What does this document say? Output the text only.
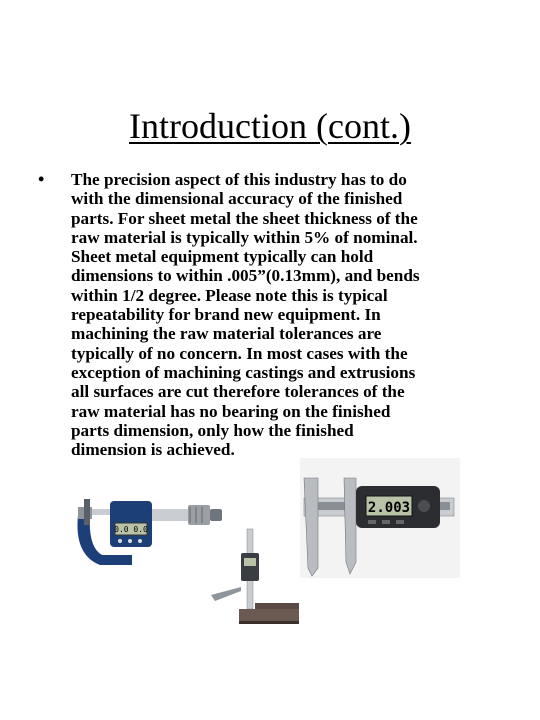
Introduction (cont.)
• The precision aspect of this industry has to do
with the dimensional accuracy of the finished
parts. For sheet metal the sheet thickness of the
raw material is typically within 5% of nominal.
Sheet metal equipment typically can hold
dimensions to within .005”(0.13mm), and bends
within 1/2 degree. Please note this is typical
repeatability for brand new equipment. In
machining the raw material tolerances are
typically of no concern. In most cases with the
exception of machining castings and extrusions
all surfaces are cut therefore tolerances of the
raw material has no bearing on the finished
parts dimension, only how the finished
dimension is achieved.
0.0 0.0
2.003
